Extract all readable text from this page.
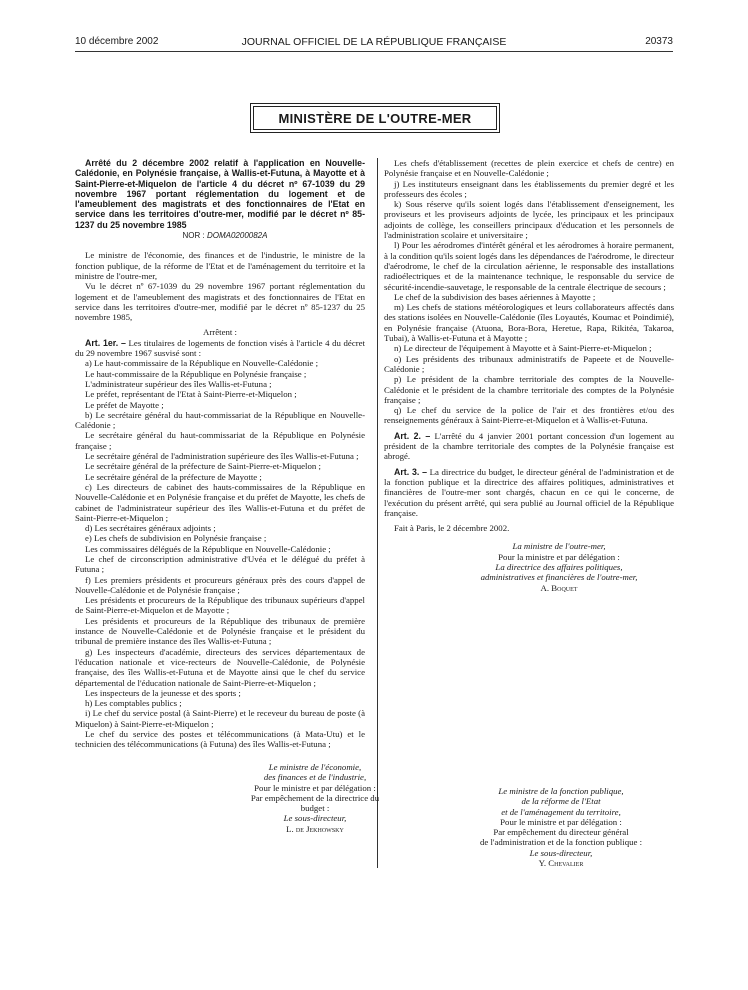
10 décembre 2002	JOURNAL OFFICIEL DE LA RÉPUBLIQUE FRANÇAISE	20373
MINISTÈRE DE L'OUTRE-MER

Arrêté du 2 décembre 2002 relatif à l'application en Nouvelle-Calédonie, en Polynésie française, à Wallis-et-Futuna, à Mayotte et à Saint-Pierre-et-Miquelon de l'article 4 du décret nº 67-1039 du 29 novembre 1967 portant réglementation du logement et de l'ameublement des magistrats et des fonctionnaires de l'Etat en service dans les territoires d'outre-mer, modifié par le décret nº 85-1237 du 25 novembre 1985

NOR : DOMA0200082A

Le ministre de l'économie, des finances et de l'industrie, le ministre de la fonction publique, de la réforme de l'Etat et de l'aménagement du territoire et la ministre de l'outre-mer,

Vu le décret nº 67-1039 du 29 novembre 1967 portant réglementation du logement et de l'ameublement des magistrats et des fonctionnaires de l'Etat en service dans les territoires d'outre-mer, modifié par le décret nº 85-1237 du 25 novembre 1985,

Arrêtent :

Art. 1er. – Les titulaires de logements de fonction visés à l'article 4 du décret du 29 novembre 1967 susvisé sont :

a) Le haut-commissaire de la République en Nouvelle-Calédonie ;

Le haut-commissaire de la République en Polynésie française ;

L'administrateur supérieur des îles Wallis-et-Futuna ;

Le préfet, représentant de l'Etat à Saint-Pierre-et-Miquelon ;

Le préfet de Mayotte ;

b) Le secrétaire général du haut-commissariat de la République en Nouvelle-Calédonie ;

Le secrétaire général du haut-commissariat de la République en Polynésie française ;

Le secrétaire général de l'administration supérieure des îles Wallis-et-Futuna ;

Le secrétaire général de la préfecture de Saint-Pierre-et-Miquelon ;

Le secrétaire général de la préfecture de Mayotte ;

c) Les directeurs de cabinet des hauts-commissaires de la République en Nouvelle-Calédonie et en Polynésie française et du préfet de Mayotte, les chefs de cabinet de l'administrateur supérieur des îles Wallis-et-Futuna et du préfet de Saint-Pierre-et-Miquelon ;

d) Les secrétaires généraux adjoints ;

e) Les chefs de subdivision en Polynésie française ;

Les commissaires délégués de la République en Nouvelle-Calédonie ;

Le chef de circonscription administrative d'Uvéa et le délégué du préfet à Futuna ;

f) Les premiers présidents et procureurs généraux près des cours d'appel de Nouvelle-Calédonie et de Polynésie française ;

Les présidents et procureurs de la République des tribunaux supérieurs d'appel de Saint-Pierre-et-Miquelon et de Mayotte ;

Les présidents et procureurs de la République des tribunaux de première instance de Nouvelle-Calédonie et de Polynésie française et le président du tribunal de première instance des îles Wallis-et-Futuna ;

g) Les inspecteurs d'académie, directeurs des services départementaux de l'éducation nationale et vice-recteurs de Nouvelle-Calédonie, de Polynésie française, des îles Wallis-et-Futuna et de Mayotte ainsi que le chef du service départemental de l'éducation nationale de Saint-Pierre-et-Miquelon ;

Les inspecteurs de la jeunesse et des sports ;

h) Les comptables publics ;

i) Le chef du service postal (à Saint-Pierre) et le receveur du bureau de poste (à Miquelon) à Saint-Pierre-et-Miquelon ;

Le chef du service des postes et télécommunications (à Mata-Utu) et le technicien des télécommunications (à Futuna) des îles Wallis-et-Futuna ;

Les chefs d'établissement (recettes de plein exercice et chefs de centre) en Polynésie française et en Nouvelle-Calédonie ;

j) Les instituteurs enseignant dans les établissements du premier degré et les professeurs des écoles ;

k) Sous réserve qu'ils soient logés dans l'établissement d'enseignement, les proviseurs et les proviseurs adjoints de lycée, les principaux et les principaux adjoints de collège, les conseillers principaux d'éducation et les personnels de l'administration scolaire et universitaire ;

l) Pour les aérodromes d'intérêt général et les aérodromes à horaire permanent, à la condition qu'ils soient logés dans les dépendances de l'aérodrome, le directeur d'aérodrome, le chef de la circulation aérienne, le responsable des installations radioélectriques et de la maintenance technique, le responsable du service de sécurité-incendie-sauvetage, le responsable de la centrale électrique de secours ;

Le chef de la subdivision des bases aériennes à Mayotte ;

m) Les chefs de stations météorologiques et leurs collaborateurs affectés dans des stations isolées en Nouvelle-Calédonie (îles Loyautés, Koumac et Poindimié), en Polynésie française (Atuona, Bora-Bora, Heretue, Rapa, Rikitéa, Takaroa, Tubai), à Wallis-et-Futuna et à Mayotte ;

n) Le directeur de l'équipement à Mayotte et à Saint-Pierre-et-Miquelon ;

o) Les présidents des tribunaux administratifs de Papeete et de Nouvelle-Calédonie ;

p) Le président de la chambre territoriale des comptes de la Nouvelle-Calédonie et le président de la chambre territoriale des comptes de la Polynésie française ;

q) Le chef du service de la police de l'air et des frontières et/ou des renseignements généraux à Saint-Pierre-et-Miquelon et à Wallis-et-Futuna.

Art. 2. – L'arrêté du 4 janvier 2001 portant concession d'un logement au président de la chambre territoriale des comptes de la Polynésie française est abrogé.

Art. 3. – La directrice du budget, le directeur général de l'administration et de la fonction publique et la directrice des affaires politiques, administratives et financières de l'outre-mer sont chargés, chacun en ce qui le concerne, de l'exécution du présent arrêté, qui sera publié au Journal officiel de la République française.

Fait à Paris, le 2 décembre 2002.

La ministre de l'outre-mer,

Pour la ministre et par délégation :

La directrice des affaires politiques,

administratives et financières de l'outre-mer,

A. Boquet

Le ministre de l'économie,

des finances et de l'industrie,

Pour le ministre et par délégation :

Par empêchement de la directrice du budget :

Le sous-directeur,

L. de Jekhowsky

Le ministre de la fonction publique,

de la réforme de l'Etat

et de l'aménagement du territoire,

Pour le ministre et par délégation :

Par empêchement du directeur général

de l'administration et de la fonction publique :

Le sous-directeur,

Y. Chevalier
